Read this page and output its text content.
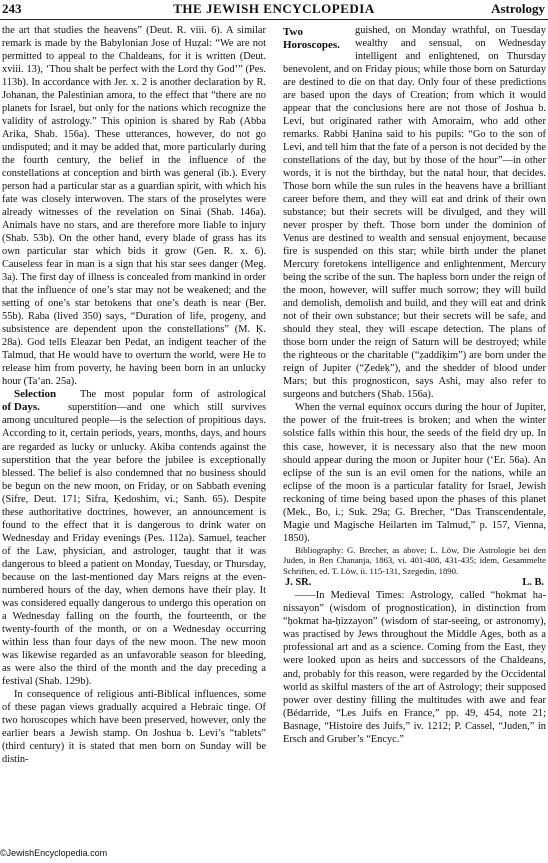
243	THE JEWISH ENCYCLOPEDIA	Astrology

the art that studies the heavens” (Deut. R. viii. 6). A similar remark is made by the Babylonian Jose of Huẓal: “We are not permitted to appeal to the Chaldeans, for it is written (Deut. xviii. 13), ‘Thou shalt be perfect with the Lord thy God’” (Pes. 113b). In accordance with Jer. x. 2 is another declaration by R. Johanan, the Palestinian amora, to the effect that “there are no planets for Israel, but only for the nations which recognize the validity of astrology.” This opinion is shared by Rab (Abba Arika, Shab. 156a). These utterances, however, do not go undisputed; and it may be added that, more particularly during the fourth century, the belief in the influence of the constellations at conception and birth was general (ib.). Every person had a particular star as a guardian spirit, with which his fate was closely interwoven. The stars of the proselytes were already witnesses of the revelation on Sinai (Shab. 146a). Animals have no stars, and are therefore more liable to injury (Shab. 53b). On the other hand, every blade of grass has its own particular star which bids it grow (Gen. R. x. 6). Causeless fear in man is a sign that his star sees danger (Meg. 3a). The first day of illness is concealed from mankind in order that the influence of one’s star may not be weakened; and the setting of one’s star betokens that one’s death is near (Ber. 55b). Raba (lived 350) says, “Duration of life, progeny, and subsistence are dependent upon the constellations” (M. Ḳ. 28a). God tells Eleazar ben Pedat, an indigent teacher of the Talmud, that He would have to overturn the world, were He to release him from poverty, he having been born in an unlucky hour (Ta‘an. 25a).

Selection of Days.
The most popular form of astrological superstition—and one which still survives among uncultured people—is the selection of propitious days. According to it, certain periods, years, months, days, and hours are regarded as lucky or unlucky. Akiba contends against the superstition that the year before the jubilee is exceptionally blessed. The belief is also condemned that no business should be begun on the new moon, on Friday, or on Sabbath evening (Sifre, Deut. 171; Sifra, Ḳedoshim, vi.; Sanh. 65). Despite these authoritative doctrines, however, an announcement is found to the effect that it is dangerous to drink water on Wednesday and Friday evenings (Pes. 112a). Samuel, teacher of the Law, physician, and astrologer, taught that it was dangerous to bleed a patient on Monday, Tuesday, or Thursday, because on the last-mentioned day Mars reigns at the even-numbered hours of the day, when demons have their play. It was considered equally dangerous to undergo this operation on a Wednesday falling on the fourth, the fourteenth, or the twenty-fourth of the month, or on a Wednesday occurring within less than four days of the new moon. The new moon was likewise regarded as an unfavorable season for bleeding, as were also the third of the month and the day preceding a festival (Shab. 129b).

In consequence of religious anti-Biblical influences, some of these pagan views gradually acquired a Hebraic tinge. Of two horoscopes which have been preserved, however, only the earlier bears a Jewish stamp. On Joshua b. Levi’s “tablets” (third century) it is stated that men born on Sunday will be distin-

Two Horoscopes.
guished, on Monday wrathful, on Tuesday wealthy and sensual, on Wednesday intelligent and enlightened, on Thursday benevolent, and on Friday pious; while those born on Saturday are destined to die on that day. Only four of these predictions are based upon the days of Creation; from which it would appear that the conclusions here are not those of Joshua b. Levi, but originated rather with Amoraim, who add other remarks. Rabbi Ḥanina said to his pupils: “Go to the son of Levi, and tell him that the fate of a person is not decided by the constellations of the day, but by those of the hour”—in other words, it is not the birthday, but the natal hour, that decides. Those born while the sun rules in the heavens have a brilliant career before them, and they will eat and drink of their own substance; but their secrets will be divulged, and they will never prosper by theft. Those born under the dominion of Venus are destined to wealth and sensual enjoyment, because fire is suspended on this star; while birth under the planet Mercury foretokens intelligence and enlightenment, Mercury being the scribe of the sun. The hapless born under the reign of the moon, however, will suffer much sorrow; they will build and demolish, demolish and build, and they will eat and drink not of their own substance; but their secrets will be safe, and should they steal, they will escape detection. The plans of those born under the reign of Saturn will be destroyed; while the righteous or the charitable (“ẓaddiḳim”) are born under the reign of Jupiter (“Ẓedeḳ”), and the shedder of blood under Mars; but this prognosticon, says Ashi, may also refer to surgeons and butchers (Shab. 156a).

When the vernal equinox occurs during the hour of Jupiter, the power of the fruit-trees is broken; and when the winter solstice falls within this hour, the seeds of the field dry up. In this case, however, it is necessary also that the new moon should appear during the moon or Jupiter hour (‘Er. 56a). An eclipse of the sun is an evil omen for the nations, while an eclipse of the moon is a particular fatality for Israel, Jewish reckoning of time being based upon the phases of this planet (Mek., Bo, i.; Suk. 29a; G. Brecher, “Das Transcendentale, Magie und Magische Heilarten im Talmud,” p. 157, Vienna, 1850).

Bibliography: G. Brecher, as above; L. Löw, Die Astrologie bei den Juden, in Ben Chananja, 1863, vi. 401-408, 431-435; idem, Gesammelte Schriften, ed. T. Löw, ii. 115-131, Szegedin, 1890.

J. SR.	L. B.

——In Medieval Times: Astrology, called “hokmat ha-nissayon” (wisdom of prognostication), in distinction from “ḥokmat ha-ḥizzayon” (wisdom of star-seeing, or astronomy), was practised by Jews throughout the Middle Ages, both as a professional art and as a science. Coming from the East, they were looked upon as heirs and successors of the Chaldeans, and, probably for this reason, were regarded by the Occidental world as skilful masters of the art of Astrology; their supposed power over destiny filling the multitudes with awe and fear (Bédarride, “Les Juifs en France,” pp. 49, 454, note 21; Basnage, “Histoire des Juifs,” iv. 1212; P. Cassel, “Juden,” in Ersch and Gruber’s “Encyc.”

©JewishEncyclopedia.com
